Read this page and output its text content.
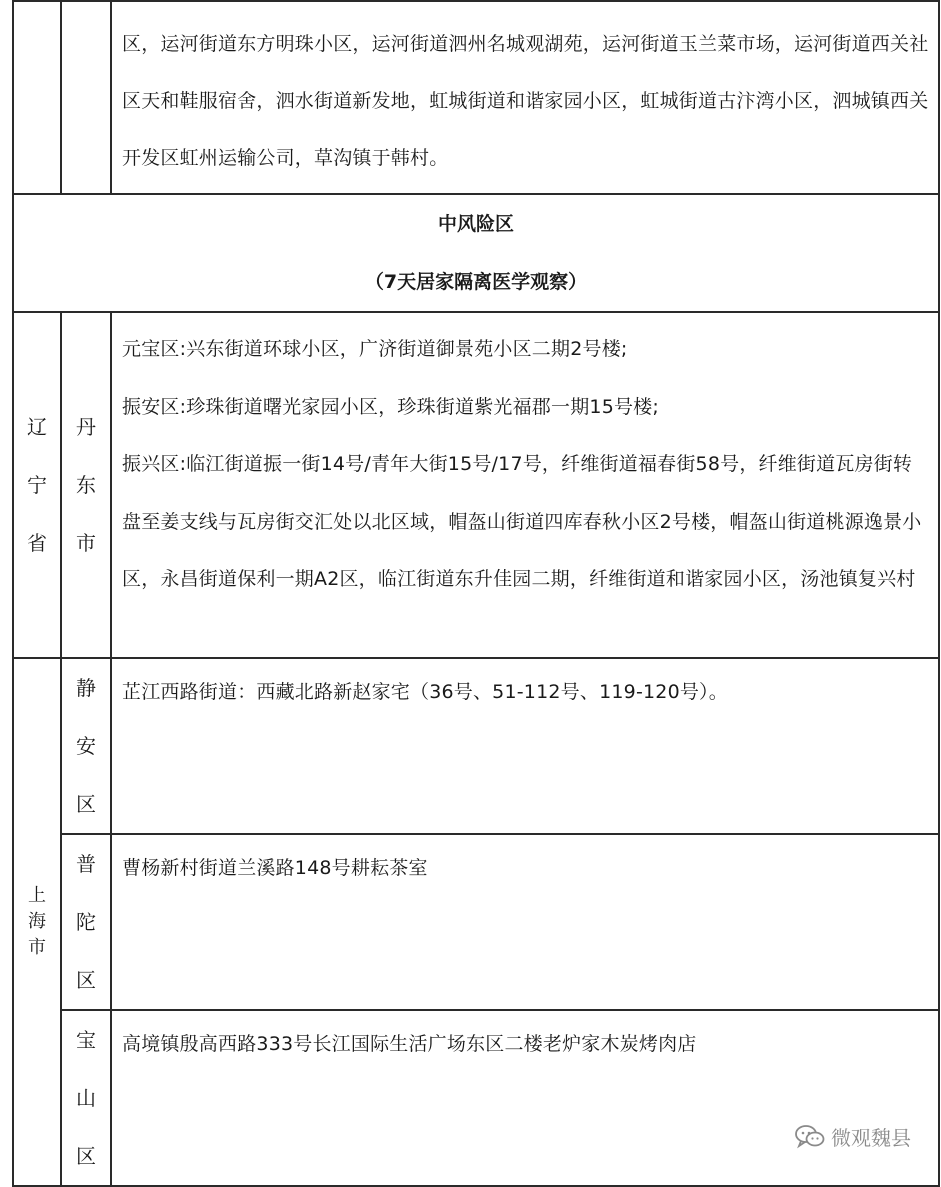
		区，运河街道东方明珠小区，运河街道泗州名城观湖苑，运河街道玉兰菜市场，运河街道西关社区天和鞋服宿舍，泗水街道新发地，虹城街道和谐家园小区，虹城街道古汴湾小区，泗城镇西关开发区虹州运输公司，草沟镇于韩村。

中风险区
（7天居家隔离医学观察）		

辽
宁
省	丹
东
市	元宝区:兴东街道环球小区，广济街道御景苑小区二期2号楼;
振安区:珍珠街道曙光家园小区，珍珠街道紫光福郡一期15号楼;
振兴区:临江街道振一街14号/青年大街15号/17号，纤维街道福春街58号，纤维街道瓦房街转盘至姜支线与瓦房街交汇处以北区域，帽盔山街道四库春秋小区2号楼，帽盔山街道桃源逸景小区，永昌街道保利一期A2区，临江街道东升佳园二期，纤维街道和谐家园小区，汤池镇复兴村

上
海
市	静
安
区	芷江西路街道：西藏北路新赵家宅（36号、51-112号、119-120号）。

	普
陀
区	曹杨新村街道兰溪路148号耕耘茶室

	宝
山
区	高境镇殷高西路333号长江国际生活广场东区二楼老炉家木炭烤肉店
微观魏县
